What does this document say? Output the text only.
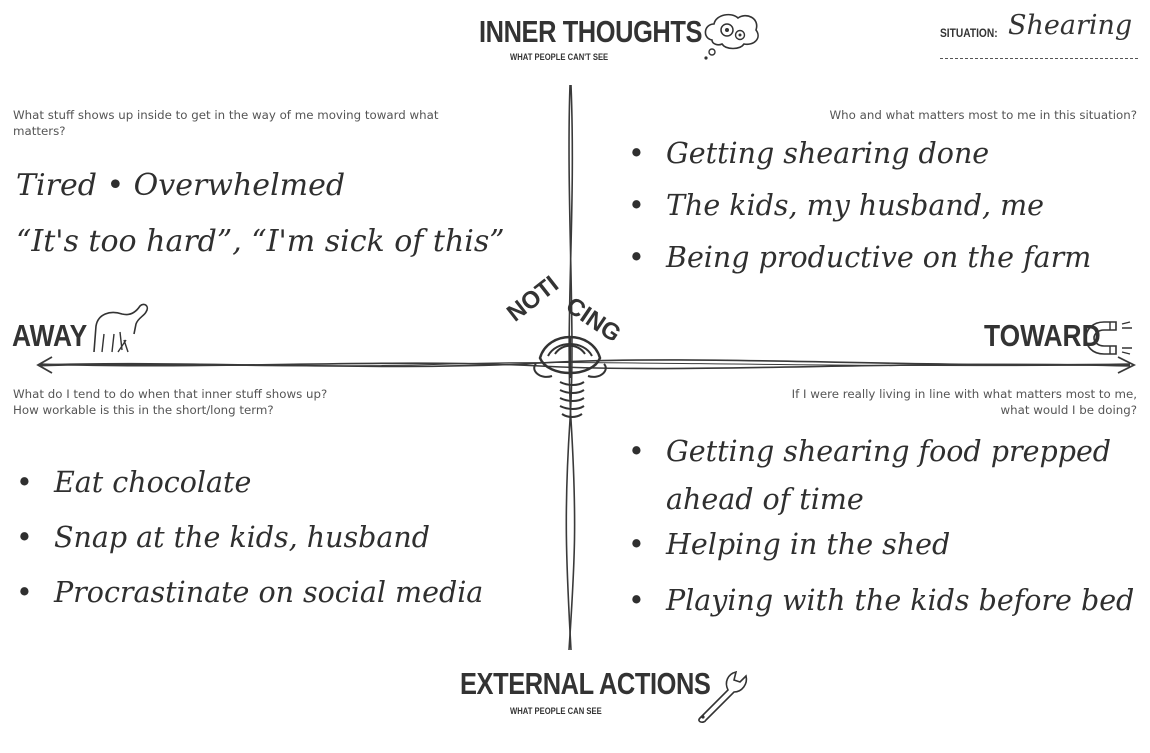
INNER THOUGHTS
WHAT PEOPLE CAN'T SEE
SITUATION: Shearing
What stuff shows up inside to get in the way of me moving toward what matters?
Tired • Overwhelmed
“It's too hard”, “I'm sick of this”
Who and what matters most to me in this situation?
• Getting shearing done
• The kids, my husband, me
• Being productive on the farm
AWAY	TOWARD
NOTI
CING
What do I tend to do when that inner stuff shows up?
How workable is this in the short/long term?
• Eat chocolate
• Snap at the kids, husband
• Procrastinate on social media
If I were really living in line with what matters most to me,
what would I be doing?
• Getting shearing food prepped
ahead of time
• Helping in the shed
• Playing with the kids before bed
EXTERNAL ACTIONS
WHAT PEOPLE CAN SEE
